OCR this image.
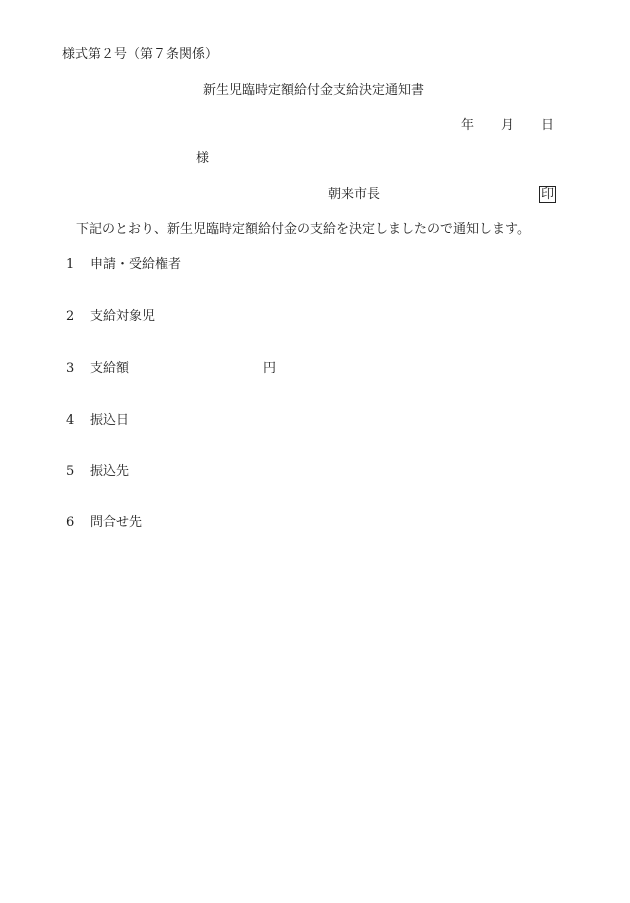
様式第２号（第７条関係）
新生児臨時定額給付金支給決定通知書
年 月 日
様
朝来市長	印
下記のとおり、新生児臨時定額給付金の支給を決定しましたので通知します。
1 申請・受給権者
2 支給対象児
3 支給額	円
4 振込日
5 振込先
6 問合せ先
